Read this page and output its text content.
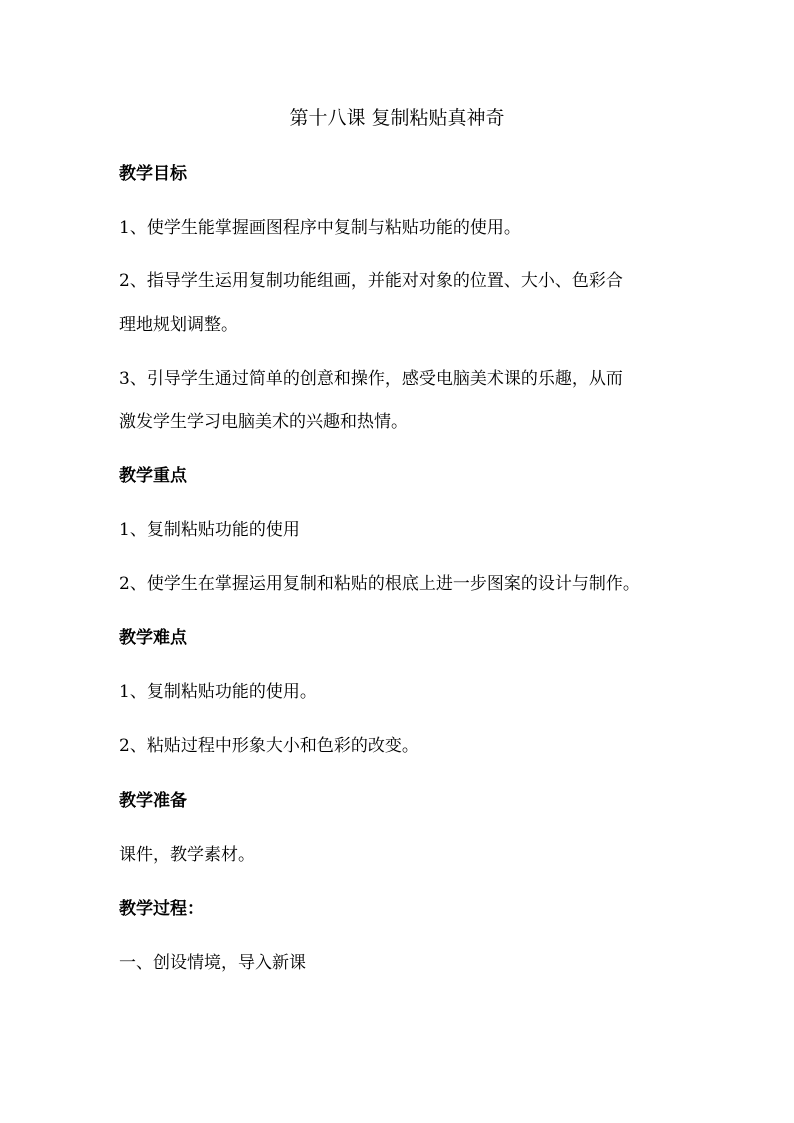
第十八课 复制粘贴真神奇
教学目标
1、使学生能掌握画图程序中复制与粘贴功能的使用。
2、指导学生运用复制功能组画，并能对对象的位置、大小、色彩合
理地规划调整。
3、引导学生通过简单的创意和操作，感受电脑美术课的乐趣，从而
激发学生学习电脑美术的兴趣和热情。
教学重点
1、复制粘贴功能的使用
2、使学生在掌握运用复制和粘贴的根底上进一步图案的设计与制作。
教学难点
1、复制粘贴功能的使用。
2、粘贴过程中形象大小和色彩的改变。
教学准备
课件，教学素材。
教学过程：
一、创设情境，导入新课
